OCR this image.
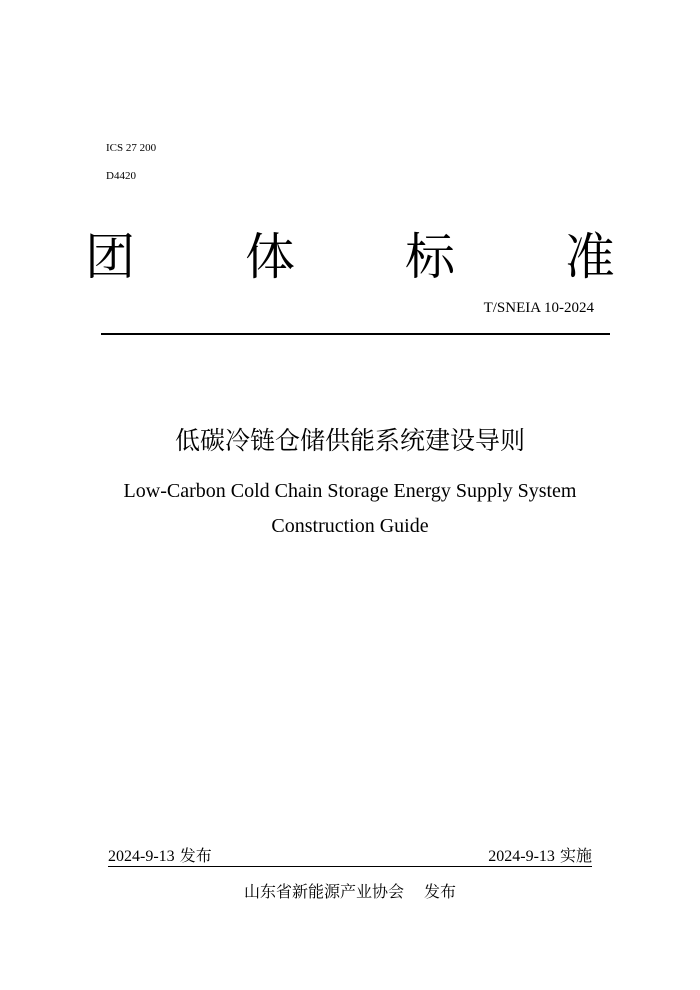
ICS 27 200
D4420
团 体 标 准
T/SNEIA 10-2024
低碳冷链仓储供能系统建设导则
Low-Carbon Cold Chain Storage Energy Supply System
Construction Guide
2024-9-13 发布	2024-9-13 实施
山东省新能源产业协会 发布
